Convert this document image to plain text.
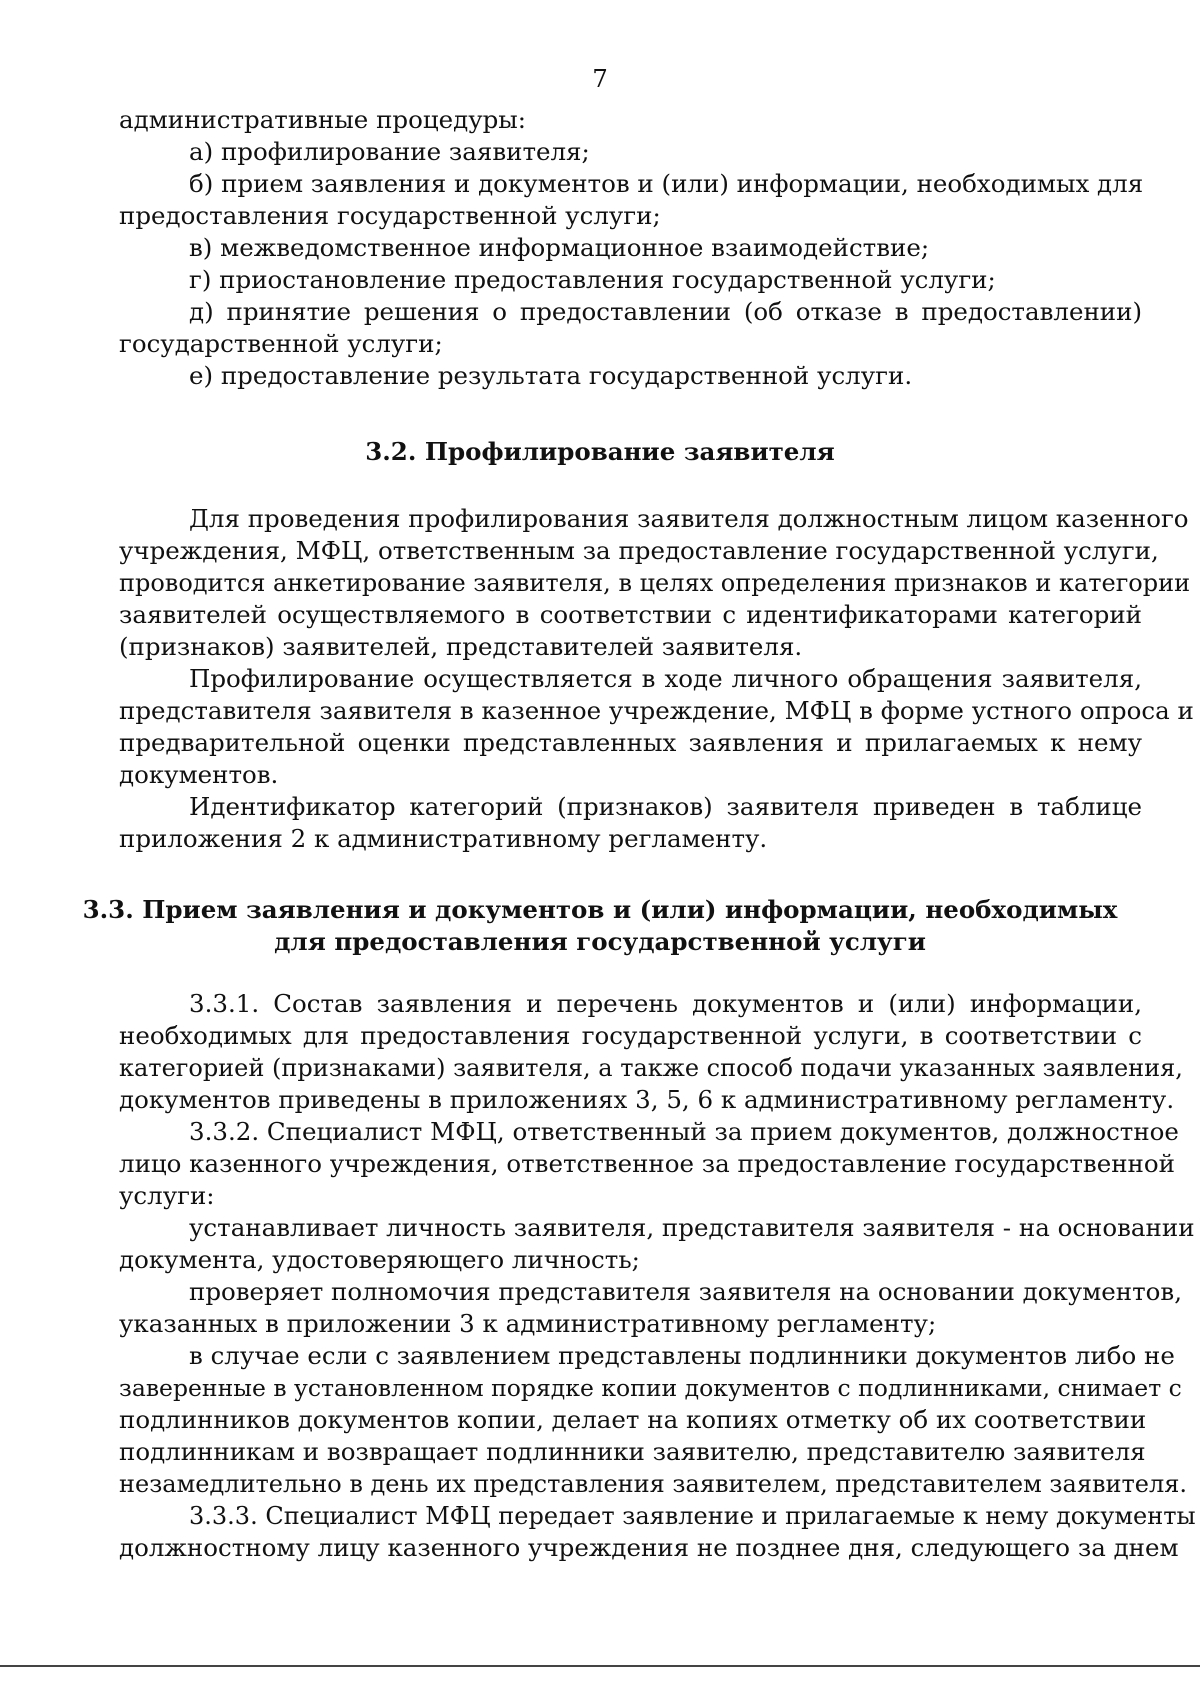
7
административные процедуры:
а) профилирование заявителя;
б) прием заявления и документов и (или) информации, необходимых для
предоставления государственной услуги;
в) межведомственное информационное взаимодействие;
г) приостановление предоставления государственной услуги;
д) принятие решения о предоставлении (об отказе в предоставлении)
государственной услуги;
е) предоставление результата государственной услуги.
3.2. Профилирование заявителя
Для проведения профилирования заявителя должностным лицом казенного
учреждения, МФЦ, ответственным за предоставление государственной услуги,
проводится анкетирование заявителя, в целях определения признаков и категории
заявителей осуществляемого в соответствии с идентификаторами категорий
(признаков) заявителей, представителей заявителя.
Профилирование осуществляется в ходе личного обращения заявителя,
представителя заявителя в казенное учреждение, МФЦ в форме устного опроса и
предварительной оценки представленных заявления и прилагаемых к нему
документов.
Идентификатор категорий (признаков) заявителя приведен в таблице
приложения 2 к административному регламенту.
3.3. Прием заявления и документов и (или) информации, необходимых
для предоставления государственной услуги
3.3.1. Состав заявления и перечень документов и (или) информации,
необходимых для предоставления государственной услуги, в соответствии с
категорией (признаками) заявителя, а также способ подачи указанных заявления,
документов приведены в приложениях 3, 5, 6 к административному регламенту.
3.3.2. Специалист МФЦ, ответственный за прием документов, должностное
лицо казенного учреждения, ответственное за предоставление государственной
услуги:
устанавливает личность заявителя, представителя заявителя - на основании
документа, удостоверяющего личность;
проверяет полномочия представителя заявителя на основании документов,
указанных в приложении 3 к административному регламенту;
в случае если с заявлением представлены подлинники документов либо не
заверенные в установленном порядке копии документов с подлинниками, снимает с
подлинников документов копии, делает на копиях отметку об их соответствии
подлинникам и возвращает подлинники заявителю, представителю заявителя
незамедлительно в день их представления заявителем, представителем заявителя.
3.3.3. Специалист МФЦ передает заявление и прилагаемые к нему документы
должностному лицу казенного учреждения не позднее дня, следующего за днем
